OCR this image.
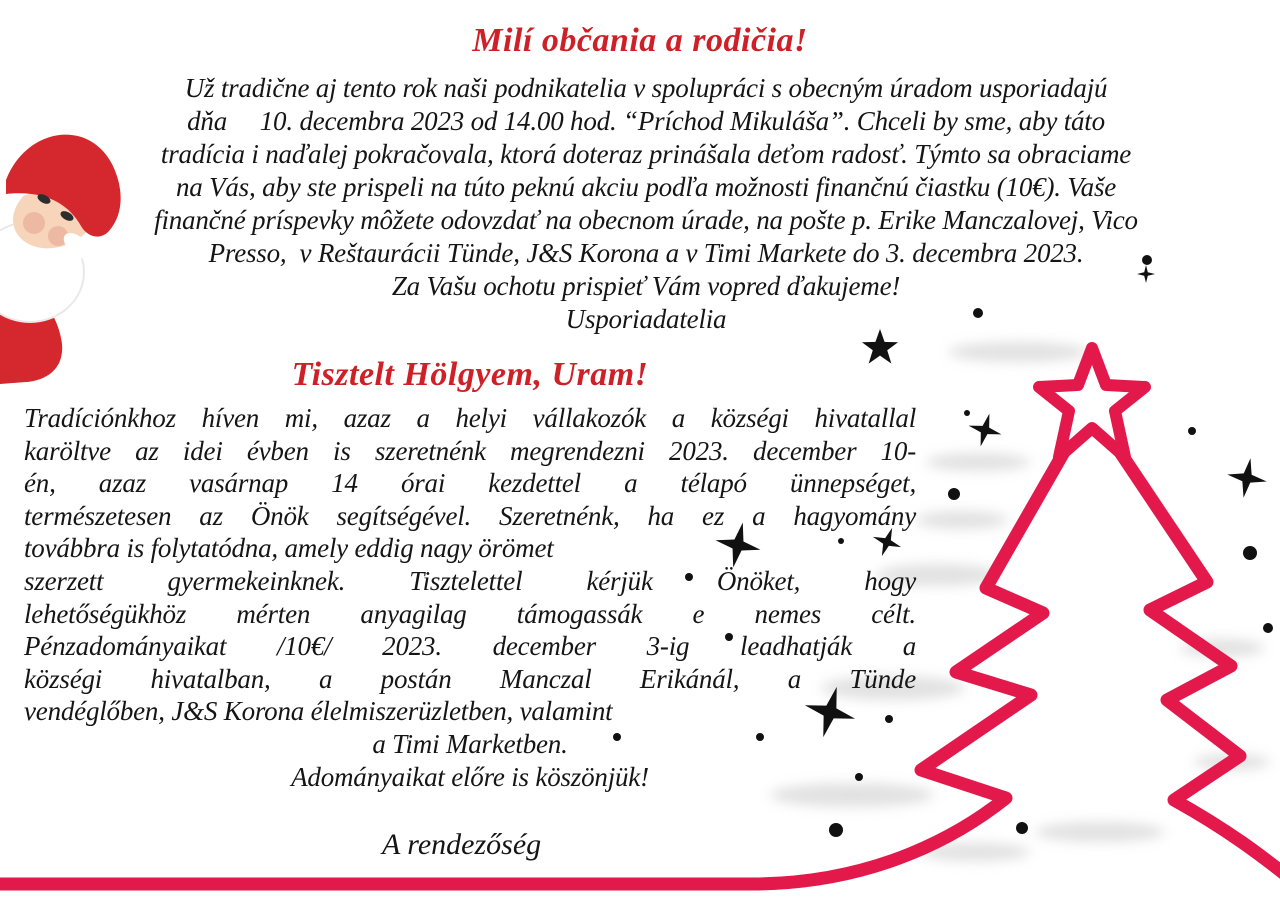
Milí občania a rodičia!
Už tradične aj tento rok naši podnikatelia v spolupráci s obecným úradom usporiadajú
dňa     10. decembra 2023 od 14.00 hod. “Príchod Mikuláša”. Chceli by sme, aby táto
tradícia i naďalej pokračovala, ktorá doteraz prinášala deťom radosť. Týmto sa obraciame
na Vás, aby ste prispeli na túto peknú akciu podľa možnosti finančnú čiastku (10€). Vaše
finančné príspevky môžete odovzdať na obecnom úrade, na pošte p. Erike Manczalovej, Vico
Presso,  v Reštaurácii Tünde, J&S Korona a v Timi Markete do 3. decembra 2023.
Za Vašu ochotu prispieť Vám vopred ďakujeme!
Usporiadatelia
Tisztelt Hölgyem, Uram!
Tradíciónkhoz híven mi, azaz a helyi vállakozók a községi hivatallal
karöltve az idei évben is szeretnénk megrendezni 2023. december 10-
én, azaz vasárnap 14 órai kezdettel a télapó ünnepséget,
természetesen az Önök segítségével. Szeretnénk, ha ez a hagyomány
továbbra is folytatódna, amely eddig nagy örömet
szerzett gyermekeinknek. Tisztelettel kérjük Önöket, hogy
lehetőségükhöz mérten anyagilag támogassák e nemes célt.
Pénzadományaikat /10€/ 2023. december 3-ig leadhatják a
községi hivatalban, a postán Manczal Erikánál, a Tünde
vendéglőben, J&S Korona élelmiszerüzletben, valamint
a Timi Marketben.
Adományaikat előre is köszönjük!
A rendezőség
